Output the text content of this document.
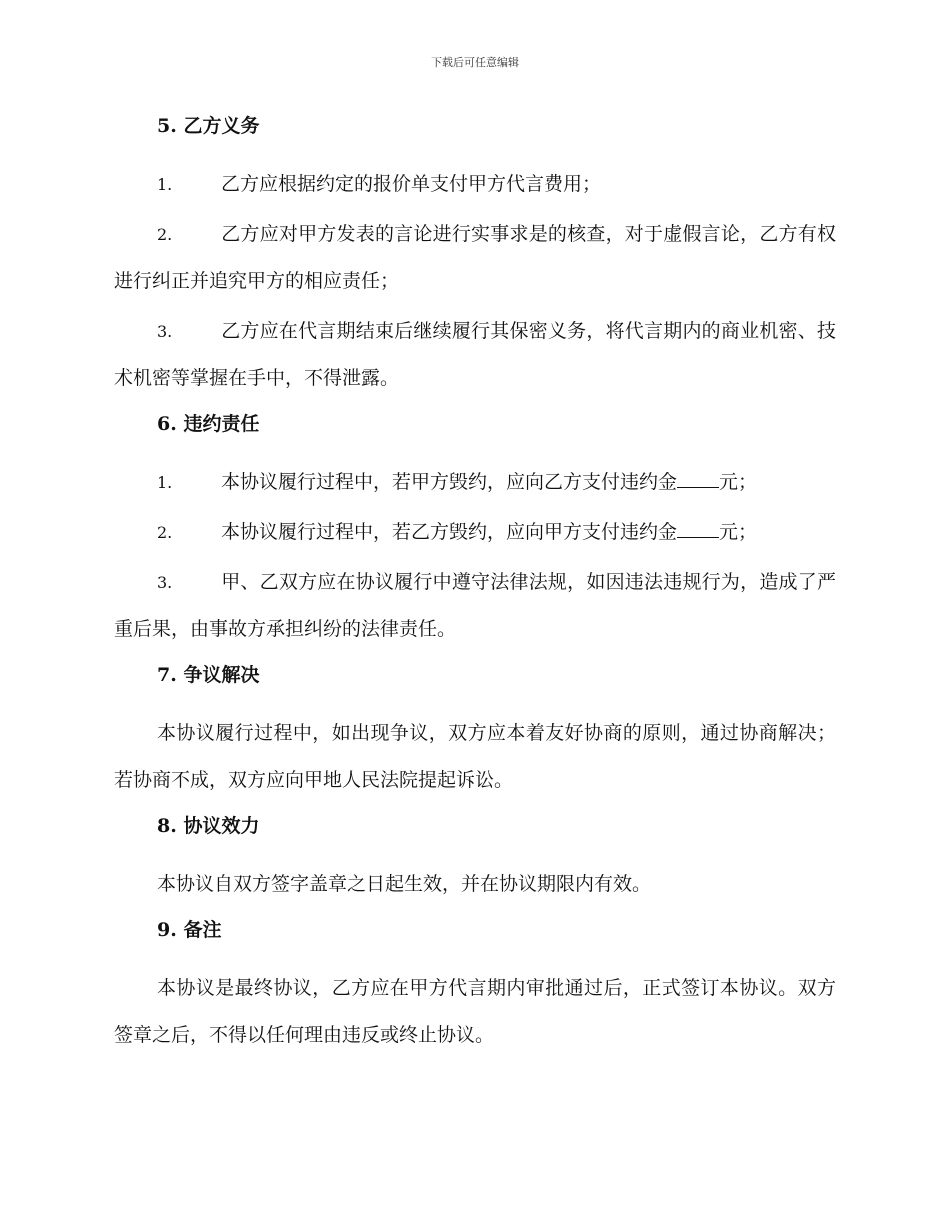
下载后可任意编辑
5. 乙方义务

1.	乙方应根据约定的报价单支付甲方代言费用；

2.	乙方应对甲方发表的言论进行实事求是的核查，对于虚假言论，乙方有权进行纠正并追究甲方的相应责任；

3.	乙方应在代言期结束后继续履行其保密义务，将代言期内的商业机密、技术机密等掌握在手中，不得泄露。

6. 违约责任

1.	本协议履行过程中，若甲方毁约，应向乙方支付违约金 元；

2.	本协议履行过程中，若乙方毁约，应向甲方支付违约金 元；

3.	甲、乙双方应在协议履行中遵守法律法规，如因违法违规行为，造成了严重后果，由事故方承担纠纷的法律责任。

7. 争议解决

本协议履行过程中，如出现争议，双方应本着友好协商的原则，通过协商解决；若协商不成，双方应向甲地人民法院提起诉讼。

8. 协议效力

本协议自双方签字盖章之日起生效，并在协议期限内有效。

9. 备注

本协议是最终协议，乙方应在甲方代言期内审批通过后，正式签订本协议。双方签章之后，不得以任何理由违反或终止协议。
